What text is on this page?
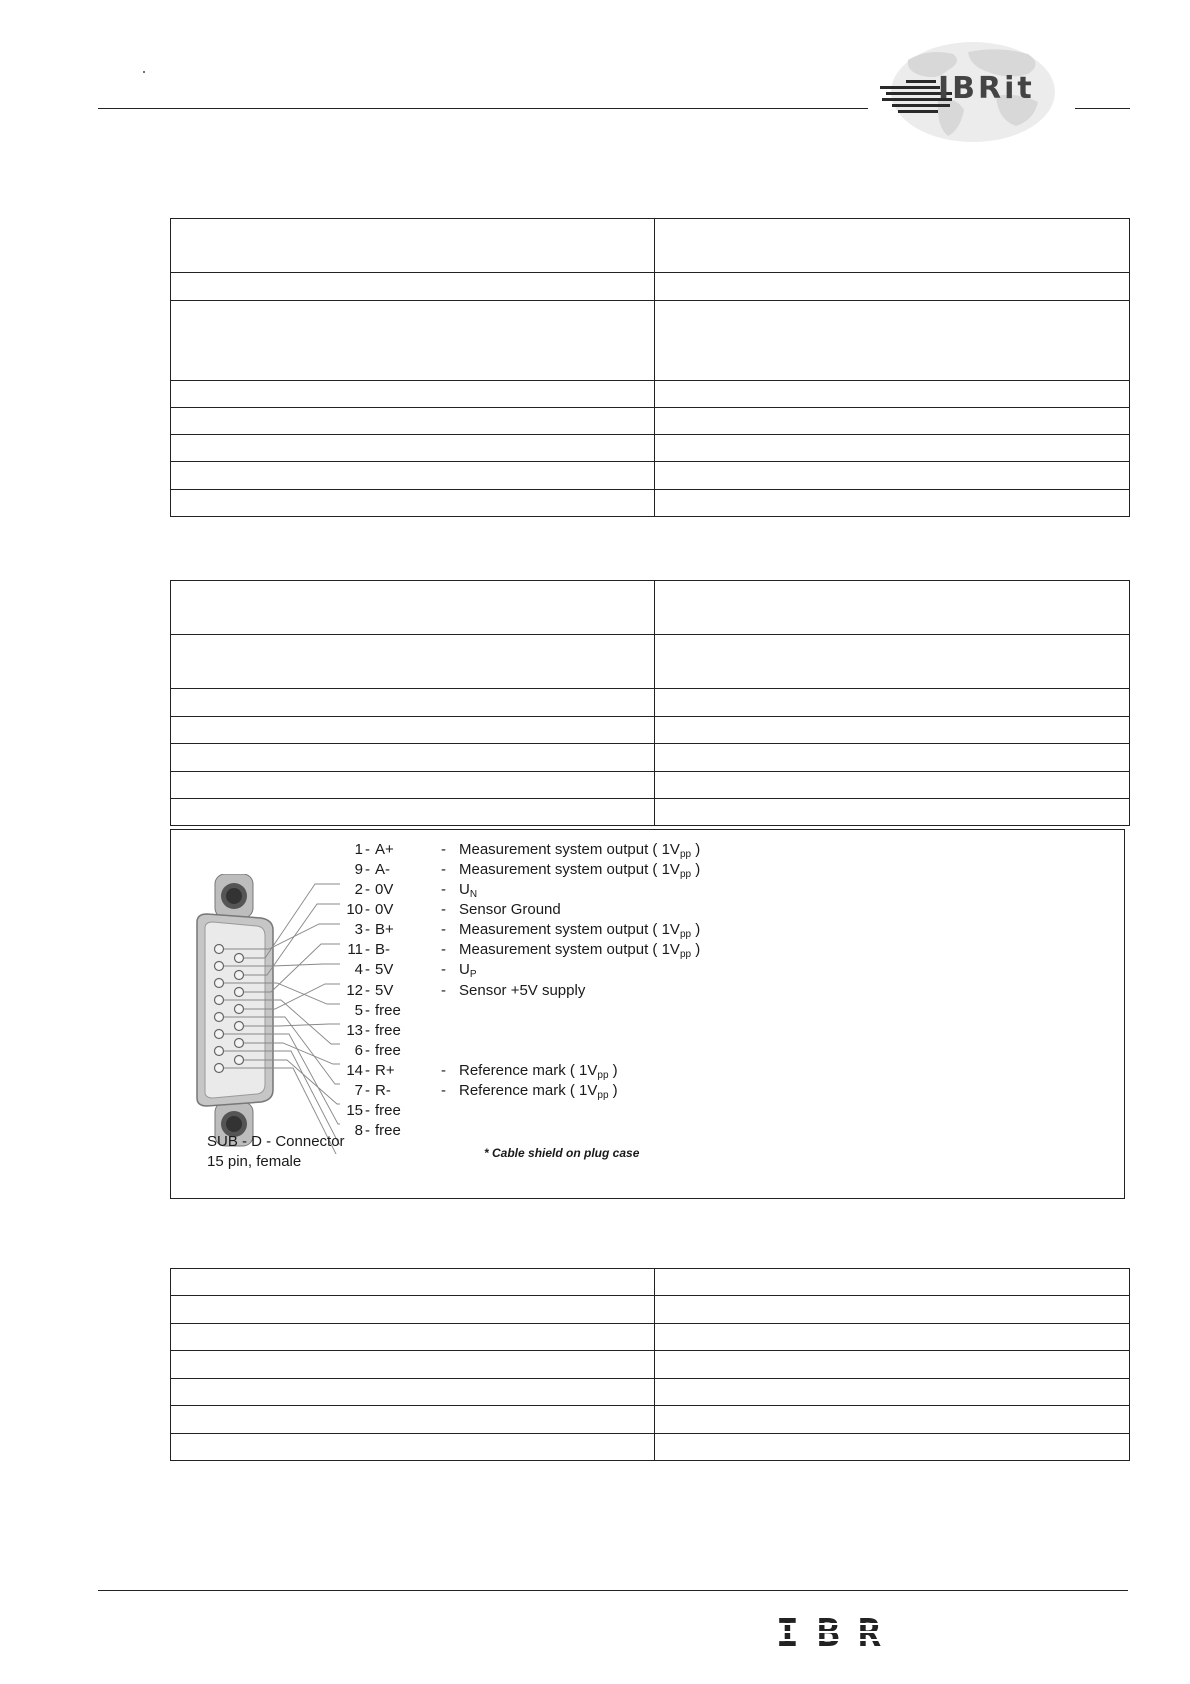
IBRit

1 - A+	- Measurement system output ( $1V_{pp}$ )
9 - A-	- Measurement system output ( $1V_{pp}$ )
2 - 0V	- $U_N$
10 - 0V	- Sensor Ground
3 - B+	- Measurement system output ( $1V_{pp}$ )
11 - B-	- Measurement system output ( $1V_{pp}$ )
4 - 5V	- $U_P$
12 - 5V	- Sensor +5V supply
5 - free
13 - free
6 - free
14 - R+	- Reference mark ( $1V_{pp}$ )
7 - R-	- Reference mark ( $1V_{pp}$ )
15 - free
8 - free
SUB - D - Connector
15 pin, female	* Cable shield on plug case

IBR
